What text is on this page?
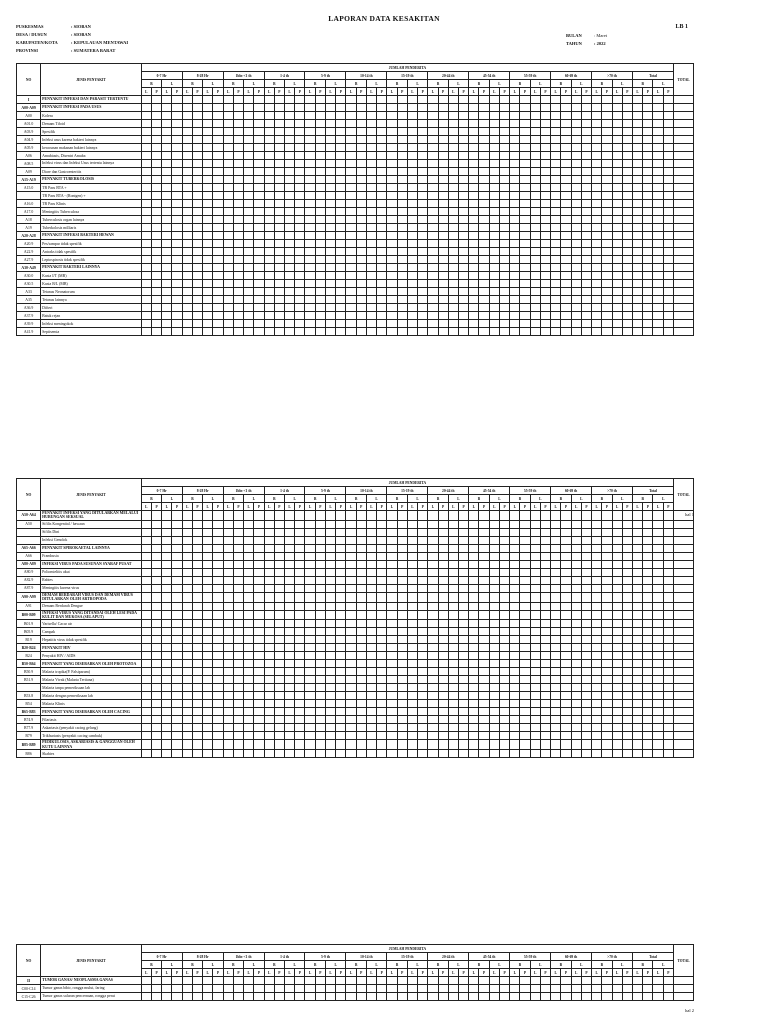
LAPORAN DATA KESAKITAN
LB 1
PUSKESMAS	: SIOBAN
DESA / DUSUN	: SIOBAN
KABUPATEN/KOTA	: KEPULAUAN MENTAWAI
PROVINSI	: SUMATERA BARAT
BULAN	: Maret
TAHUN	: 2022
NO	JENIS PENYAKIT	JUMLAH PENDERITA																																																				TOTAL
		0-7 Hr				8-28 Hr				1bln-<1 th				1-4 th				5-9 th				10-14 th				15-19 th				20-44 th				45-54 th				55-59 th				60-69 th				>70 th				Total				
		B		L		B		L		B		L		B		L		B		L		B		L		B		L		B		L		B		L		B		L		B		L		B		L		B		L		
		L	P	L	P	L	P	L	P	L	P	L	P	L	P	L	P	L	P	L	P	L	P	L	P	L	P	L	P	L	P	L	P	L	P	L	P	L	P	L	P	L	P	L	P	L	P	L	P	L	P	L	P	
I	PENYAKIT INFEKSI DAN PARASIT TERTENTU																																																					
A00-A09	PENYAKIT INFEKSI PADA USUS																																																					
A00	Kolera																																																					
A01.0	Demam Tifoid																																																					
A03.9	Spesifik																																																					
A04.9	Infeksi usus karena bakteri lainnya																																																					
A05.9	keracunan makanan bakteri lainnya																																																					
A06	Amubiasis, Disentri Amuba																																																					
A08.5	Infeksi virus dan Infeksi Usus tertentu lainnya																																																					
A09	Diare dan Gastroenteritis																																																					
A15-A19	PENYAKIT TUBERKOLOSIS																																																					
A15.0	TB Paru BTA +																																																					
	TB Paru BTA - (Rontgen) +																																																					
A16.0	TB Paru Klinis																																																					
A17.0	Meningitis Tuberculosa																																																					
A18	Tuberculosis organ lainnya																																																					
A19	Tuberkolosis milliaris																																																					
A20-A28	PENYAKIT INFEKSI BAKTERI HEWAN																																																					
A20.9	Pes/sampar tidak spesifik																																																					
A22.9	Antraks tidak spesifik																																																					
A27.9	Leptospirosis tidak spesifik																																																					
A30-A49	PENYAKIT BAKTERI LAINNYA																																																					
A30.0	Kusta I/T (MB)																																																					
A30.5	Kusta B/L (MB)																																																					
A33	Tetanus Neonatorum																																																					
A35	Tetanus lainnya																																																					
A36.9	Difteri																																																					
A37.9	Batuk rejan																																																					
A39.9	Infeksi meningokok																																																					
A41.9	Septisemia																																																					
hal 1
NO	JENIS PENYAKIT	JUMLAH PENDERITA																																																				TOTAL
		0-7 Hr				8-28 Hr				1bln-<1 th				1-4 th				5-9 th				10-14 th				15-19 th				20-44 th				45-54 th				55-59 th				60-69 th				>70 th				Total				
		B		L		B		L		B		L		B		L		B		L		B		L		B		L		B		L		B		L		B		L		B		L		B		L		B		L		
		L	P	L	P	L	P	L	P	L	P	L	P	L	P	L	P	L	P	L	P	L	P	L	P	L	P	L	P	L	P	L	P	L	P	L	P	L	P	L	P	L	P	L	P	L	P	L	P	L	P	L	P	
A50-A64	PENYAKIT INFEKSI YANG DITULARKAN MELALUI HUBUNGAN SEKSUAL																																																					
A50	Sifilis Kongenital / bawaan																																																					
	Sifilis Dini																																																					
	Infeksi Genolok																																																					
A65-A66	PENYAKIT SPIROKAETAL LAINNYA																																																					
A66	Frambusia																																																					
A80-A89	INFEKSI VIRUS PADA SUSUNAN SYARAF PUSAT																																																					
A80.9	Poliomielitis akut																																																					
A82.9	Rabies																																																					
A87.9	Meningitis karena virus																																																					
A90-A99	DEMAM BERDARAH VIRUS DAN DEMAM VIRUS DITULARKAN OLEH ARTROPODA																																																					
A91	Demam Berdarah Dengue																																																					
B00-B09	INFEKSI VIRUS YANG DITANDAI OLEH LESI PADA KULIT DAN MUKOSA (SELAPUT)																																																					
B01.9	Varisella/ Cacar air																																																					
B05.9	Campak																																																					
B19	Hepatitis virus tidak spesifik																																																					
B20-B24	PENYAKIT HIV																																																					
B24	Penyakit HIV / AIDS																																																					
B50-B64	PENYAKIT YANG DISEBABKAN OLEH PROTOZOA																																																					
B50.9	Malaria tropika(P. Falsiparum)																																																					
B51.9	Malaria Vivak (Malaria Tertiana)																																																					
	Malaria tanpa pemeriksaan lab																																																					
B53.8	Malaria dengan pemeriksaan lab																																																					
B54	Malaria Klinis																																																					
B65-B83	PENYAKIT YANG DISEBABKAN OLEH CACING																																																					
B74.9	Filariasis																																																					
B77.9	Askariasis (penyakit cacing gelang)																																																					
B79	Trikhuriasis (penyakit cacing cambuk)																																																					
B85-B89	PEDIKULOSIS, ASKARIASIS & GANGGUAN OLEH KUTU LAINNYA																																																					
B86	Skabies																																																					
hal 2
NO	JENIS PENYAKIT	JUMLAH PENDERITA																																																				TOTAL
		0-7 Hr				8-28 Hr				1bln-<1 th				1-4 th				5-9 th				10-14 th				15-19 th				20-44 th				45-54 th				55-59 th				60-69 th				>70 th				Total				
		B		L		B		L		B		L		B		L		B		L		B		L		B		L		B		L		B		L		B		L		B		L		B		L		B		L		
		L	P	L	P	L	P	L	P	L	P	L	P	L	P	L	P	L	P	L	P	L	P	L	P	L	P	L	P	L	P	L	P	L	P	L	P	L	P	L	P	L	P	L	P	L	P	L	P	L	P	L	P	
II	TUMOR GANAS/ NEOPLASMA GANAS																																																					
C00-C14	Tumor ganas bibir, rongga mulut, faring																																																					
C15-C26	Tumor ganas saluran pencernaan, rongga perut																																																					
